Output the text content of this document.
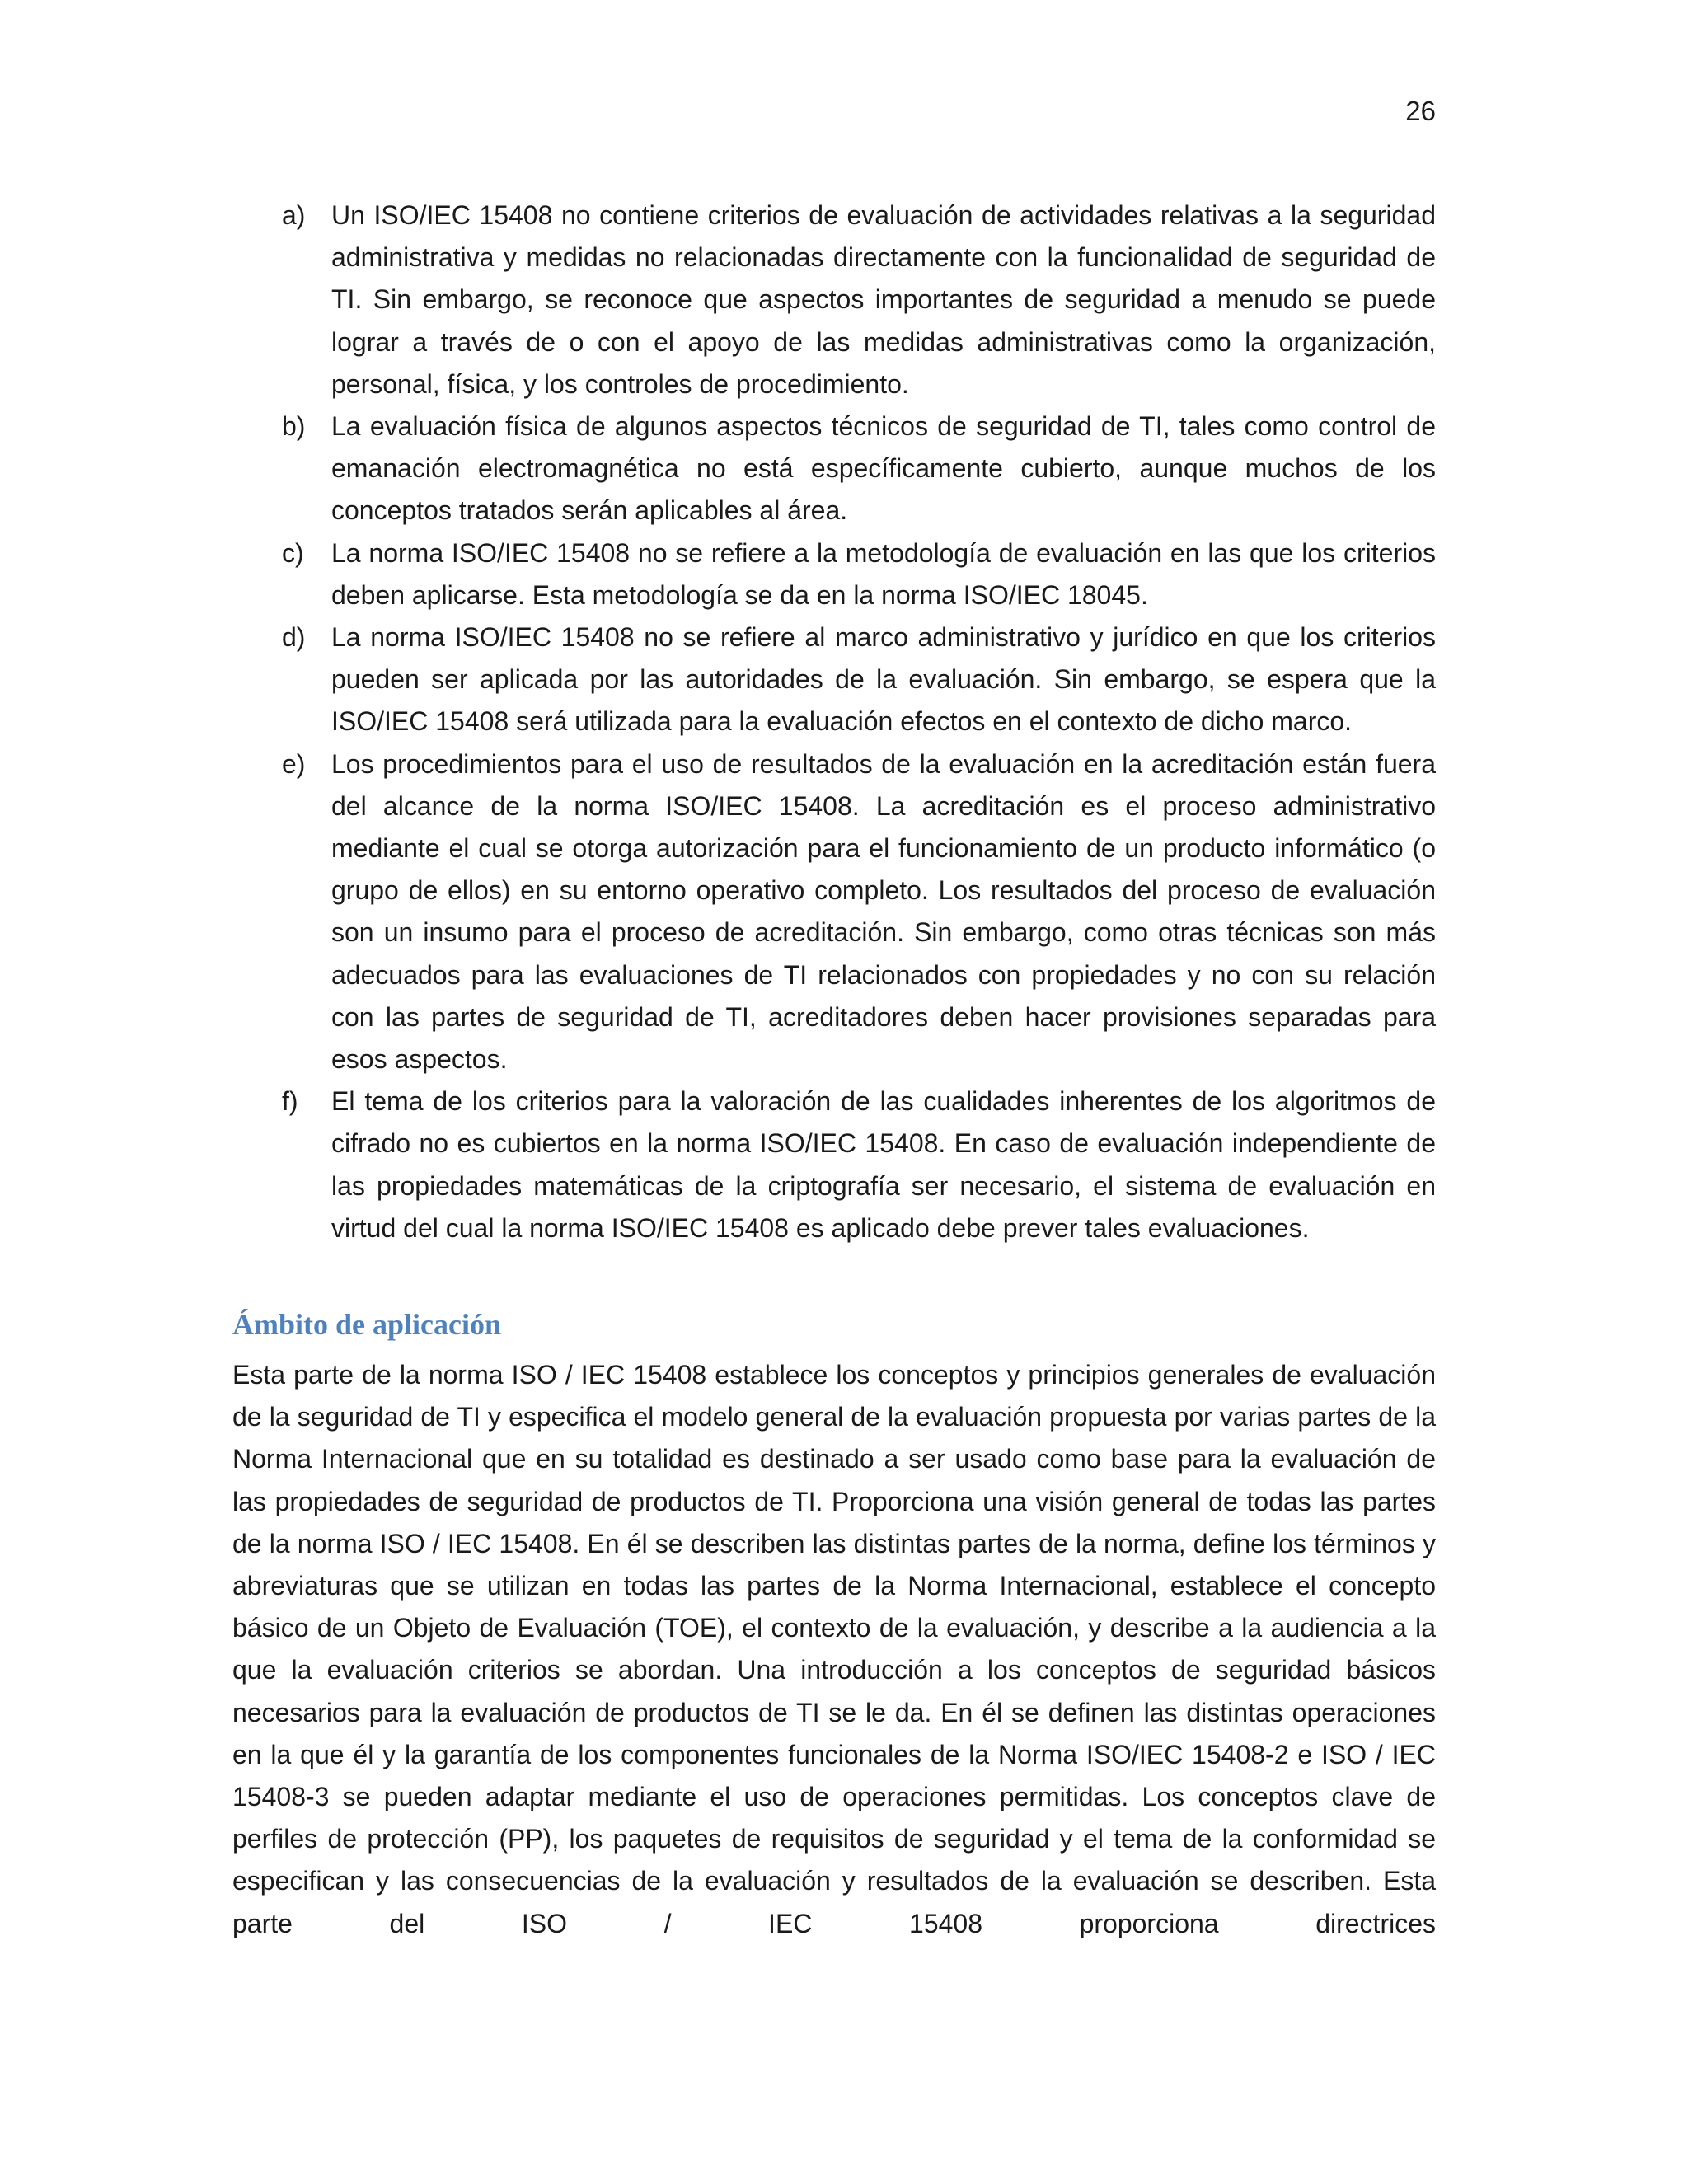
26
a) Un ISO/IEC 15408 no contiene criterios de evaluación de actividades relativas a la seguridad administrativa y medidas no relacionadas directamente con la funcionalidad de seguridad de TI. Sin embargo, se reconoce que aspectos importantes de seguridad a menudo se puede lograr a través de o con el apoyo de las medidas administrativas como la organización, personal, física, y los controles de procedimiento.
b) La evaluación física de algunos aspectos técnicos de seguridad de TI, tales como control de emanación electromagnética no está específicamente cubierto, aunque muchos de los conceptos tratados serán aplicables al área.
c)	La norma ISO/IEC 15408 no se refiere a la metodología de evaluación en las que los criterios deben aplicarse. Esta metodología se da en la norma ISO/IEC 18045.
d) La norma ISO/IEC 15408 no se refiere al marco administrativo y jurídico en que los criterios pueden ser aplicada por las autoridades de la evaluación. Sin embargo, se espera que la ISO/IEC 15408 será utilizada para la evaluación efectos en el contexto de dicho marco.
e) Los procedimientos para el uso de resultados de la evaluación en la acreditación están fuera del alcance de la norma ISO/IEC 15408. La acreditación es el proceso administrativo mediante el cual se otorga autorización para el funcionamiento de un producto informático (o grupo de ellos) en su entorno operativo completo. Los resultados del proceso de evaluación son un insumo para el proceso de acreditación. Sin embargo, como otras técnicas son más adecuados para las evaluaciones de TI relacionados con propiedades y no con su relación con las partes de seguridad de TI, acreditadores deben hacer provisiones separadas para esos aspectos.
f)	El tema de los criterios para la valoración de las cualidades inherentes de los algoritmos de cifrado no es cubiertos en la norma ISO/IEC 15408. En caso de evaluación independiente de las propiedades matemáticas de la criptografía ser necesario, el sistema de evaluación en virtud del cual la norma ISO/IEC 15408 es aplicado debe prever tales evaluaciones.
Ámbito de aplicación

Esta parte de la norma ISO / IEC 15408 establece los conceptos y principios generales de evaluación de la seguridad de TI y especifica el modelo general de la evaluación propuesta por varias partes de la Norma Internacional que en su totalidad es destinado a ser usado como base para la evaluación de las propiedades de seguridad de productos de TI. Proporciona una visión general de todas las partes de la norma ISO / IEC 15408. En él se describen las distintas partes de la norma, define los términos y abreviaturas que se utilizan en todas las partes de la Norma Internacional, establece el concepto básico de un Objeto de Evaluación (TOE), el contexto de la evaluación, y describe a la audiencia a la que la evaluación criterios se abordan. Una introducción a los conceptos de seguridad básicos necesarios para la evaluación de productos de TI se le da. En él se definen las distintas operaciones en la que él y la garantía de los componentes funcionales de la Norma ISO/IEC 15408-2 e ISO / IEC 15408-3 se pueden adaptar mediante el uso de operaciones permitidas. Los conceptos clave de perfiles de protección (PP), los paquetes de requisitos de seguridad y el tema de la conformidad se especifican y las consecuencias de la evaluación y resultados de la evaluación se describen. Esta parte del ISO / IEC 15408 proporciona directrices
